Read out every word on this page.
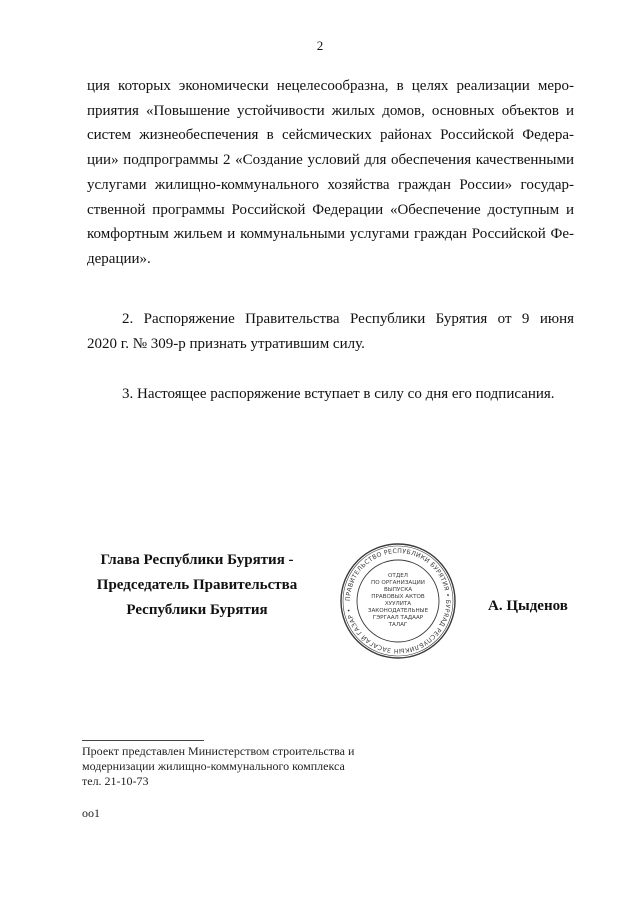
2
ция которых экономически нецелесообразна, в целях реализации меро-
приятия «Повышение устойчивости жилых домов, основных объектов и
систем жизнеобеспечения в сейсмических районах Российской Федера-
ции» подпрограммы 2 «Создание условий для обеспечения качественными
услугами жилищно-коммунального хозяйства граждан России» государ-
ственной программы Российской Федерации «Обеспечение доступным и
комфортным жильем и коммунальными услугами граждан Российской Фе-
дерации».
2. Распоряжение Правительства Республики Бурятия от 9 июня
2020 г. № 309-р признать утратившим силу.
3. Настоящее распоряжение вступает в силу со дня его подписания.
Глава Республики Бурятия -
Председатель Правительства
Республики Бурятия
ПРАВИТЕЛЬСТВО РЕСПУБЛИКИ БУРЯТИЯ • БУРЯАД РЕСПУБЛИКЫН ЗАСАГАЙ ГАЗАР •
ОТДЕЛ
ПО ОРГАНИЗАЦИИ
ВЫПУСКА
ПРАВОВЫХ АКТОВ
ХУУЛИТА
ЗАКОНОДАТЕЛЬНЫЕ
ГЭРГААЛ ТАДААР
ТАЛАГ
А. Цыденов
Проект представлен Министерством строительства и
модернизации жилищно-коммунального комплекса
тел. 21-10-73
оо1
